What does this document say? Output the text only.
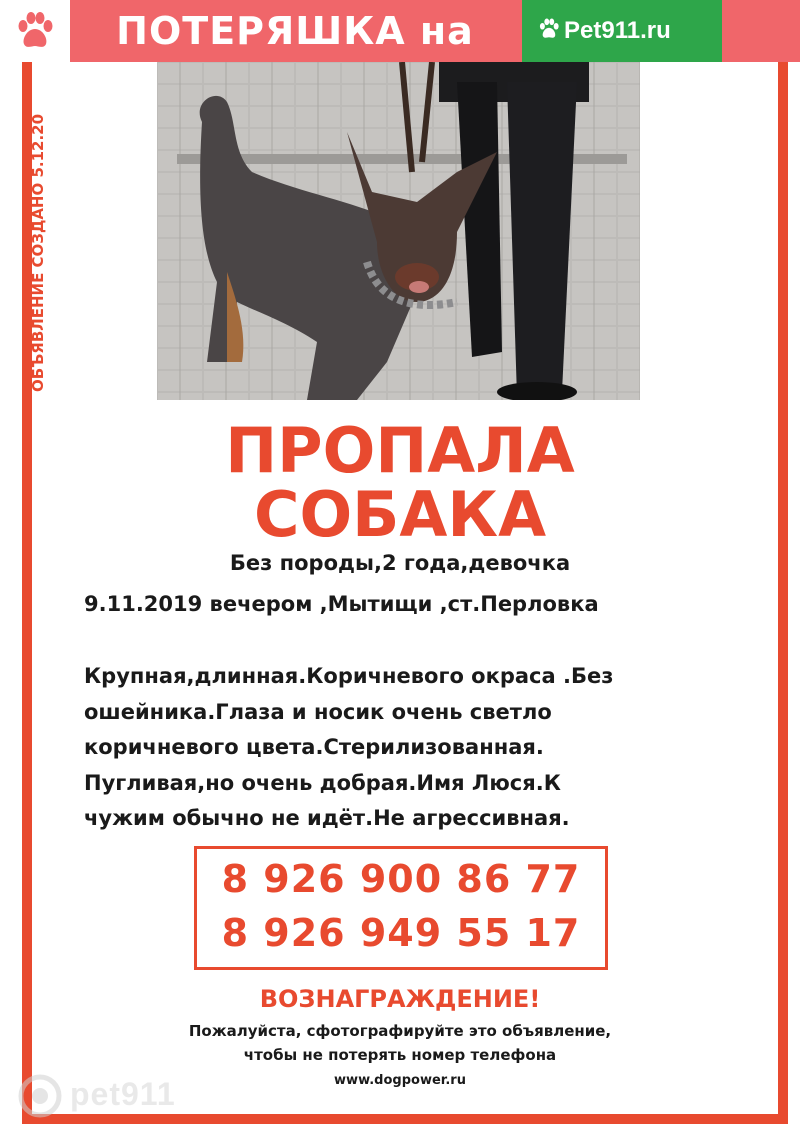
ПОТЕРЯШКА на	Pet911.ru
ОБЪЯВЛЕНИЕ СОЗДАНО 5.12.20
ПРОПАЛА
СОБАКА
Без породы,2 года,девочка
9.11.2019 вечером ,Мытищи ,ст.Перловка
Крупная,длинная.Коричневого окраса .Без
ошейника.Глаза и носик очень светло
коричневого цвета.Стерилизованная.
Пугливая,но очень добрая.Имя Люся.К
чужим обычно не идёт.Не агрессивная.
8 926 900 86 77
8 926 949 55 17
ВОЗНАГРАЖДЕНИЕ!
Пожалуйста, сфотографируйте это объявление,
чтобы не потерять номер телефона
www.dogpower.ru
pet911
